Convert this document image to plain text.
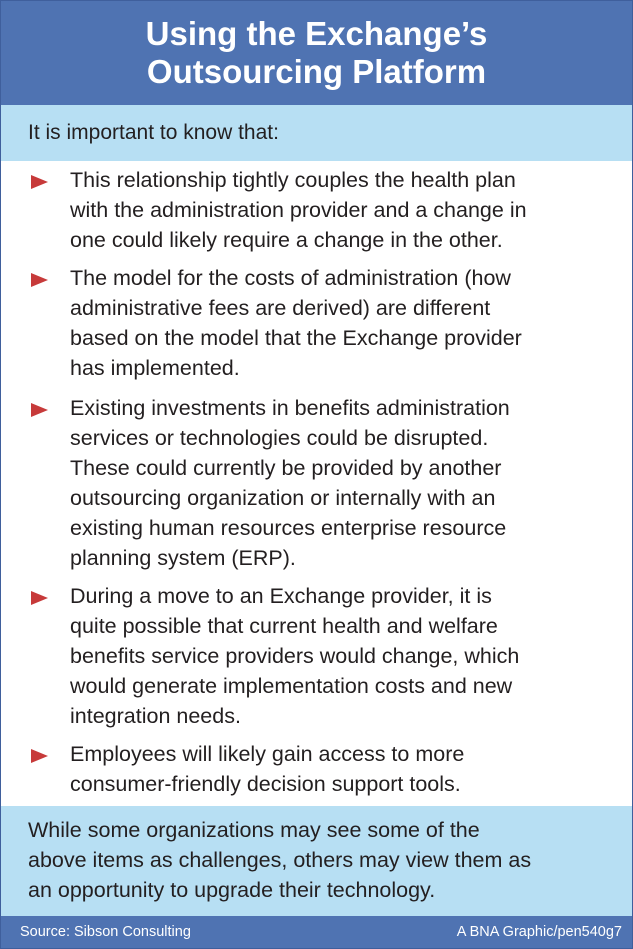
Using the Exchange’s
Outsourcing Platform
It is important to know that:
This relationship tightly couples the health plan
with the administration provider and a change in
one could likely require a change in the other.
The model for the costs of administration (how
administrative fees are derived) are different
based on the model that the Exchange provider
has implemented.
Existing investments in benefits administration
services or technologies could be disrupted.
These could currently be provided by another
outsourcing organization or internally with an
existing human resources enterprise resource
planning system (ERP).
During a move to an Exchange provider, it is
quite possible that current health and welfare
benefits service providers would change, which
would generate implementation costs and new
integration needs.
Employees will likely gain access to more
consumer-friendly decision support tools.
While some organizations may see some of the
above items as challenges, others may view them as
an opportunity to upgrade their technology.
Source: Sibson Consulting	A BNA Graphic/pen540g7
